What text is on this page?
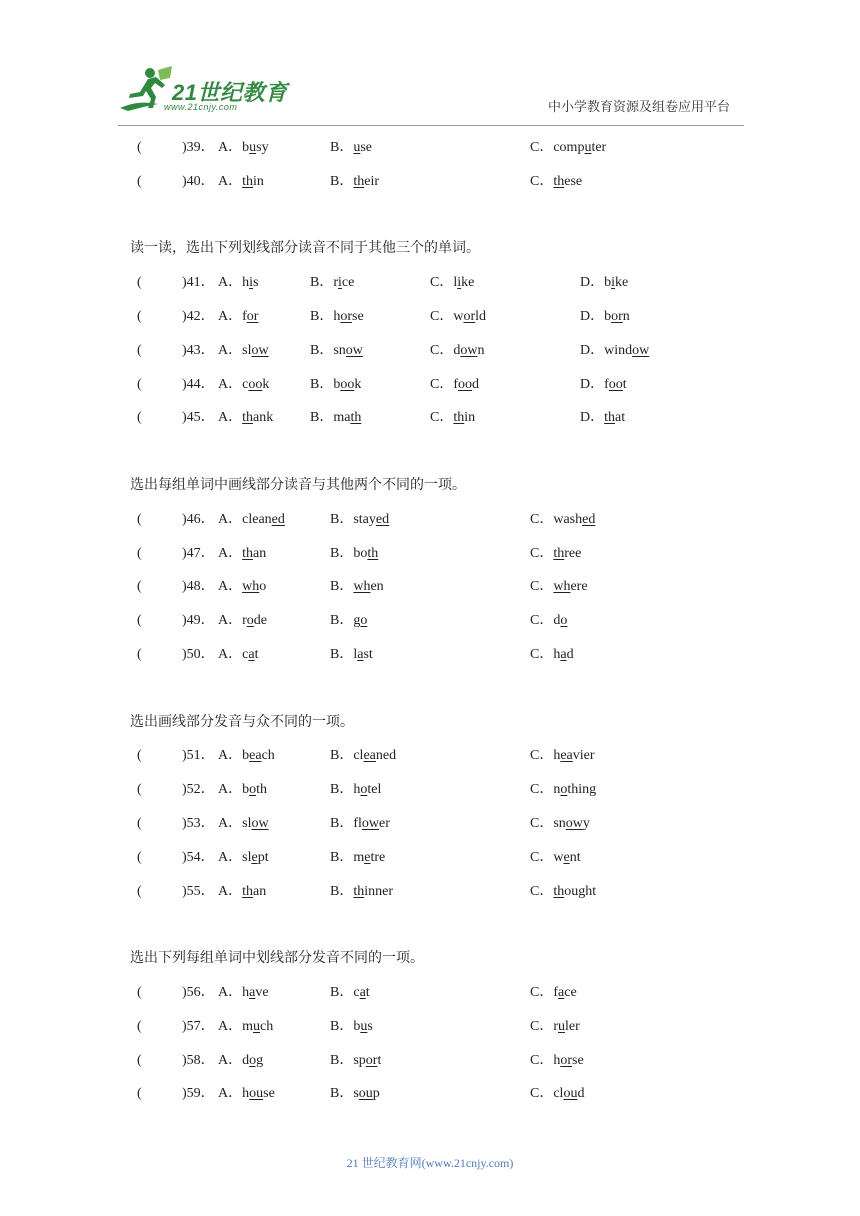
21世纪教育
www.21cnjy.com	中小学教育资源及组卷应用平台
(	)39． A．busy	B．use	C．computer
(	)40． A．thin	B．their	C．these
读一读，选出下列划线部分读音不同于其他三个的单词。
(	)41． A．his	B．rice	C．like	D．bike
(	)42． A．for	B．horse	C．world	D．born
(	)43． A．slow	B．snow	C．down	D．window
(	)44． A．cook	B．book	C．food	D．foot
(	)45． A．thank	B．math	C．thin	D．that
选出每组单词中画线部分读音与其他两个不同的一项。
(	)46． A．cleaned	B．stayed	C．washed
(	)47． A．than	B．both	C．three
(	)48． A．who	B．when	C．where
(	)49． A．rode	B．go	C．do
(	)50． A．cat	B．last	C．had
选出画线部分发音与众不同的一项。
(	)51． A．beach	B．cleaned	C．heavier
(	)52． A．both	B．hotel	C．nothing
(	)53． A．slow	B．flower	C．snowy
(	)54． A．slept	B．metre	C．went
(	)55． A．than	B．thinner	C．thought
选出下列每组单词中划线部分发音不同的一项。
(	)56． A．have	B．cat	C．face
(	)57． A．much	B．bus	C．ruler
(	)58． A．dog	B．sport	C．horse
(	)59． A．house	B．soup	C．cloud
21 世纪教育网(www.21cnjy.com)
